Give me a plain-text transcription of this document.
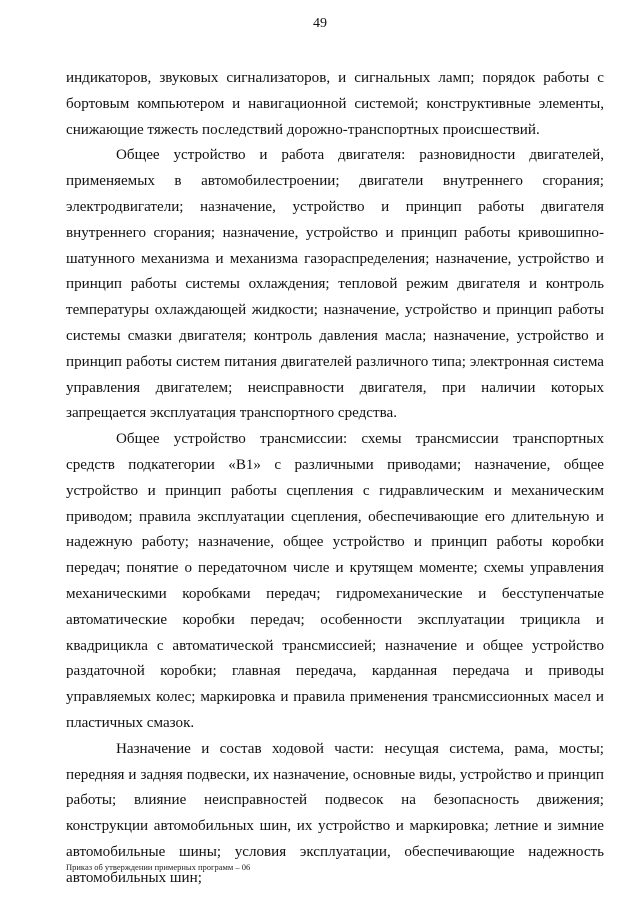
49

индикаторов, звуковых сигнализаторов, и сигнальных ламп; порядок работы с бортовым компьютером и навигационной системой; конструктивные элементы, снижающие тяжесть последствий дорожно-транспортных происшествий.

Общее устройство и работа двигателя: разновидности двигателей, применяемых в автомобилестроении; двигатели внутреннего сгорания; электродвигатели; назначение, устройство и принцип работы двигателя внутреннего сгорания; назначение, устройство и принцип работы кривошипно-шатунного механизма и механизма газораспределения; назначение, устройство и принцип работы системы охлаждения; тепловой режим двигателя и контроль температуры охлаждающей жидкости; назначение, устройство и принцип работы системы смазки двигателя; контроль давления масла; назначение, устройство и принцип работы систем питания двигателей различного типа; электронная система управления двигателем; неисправности двигателя, при наличии которых запрещается эксплуатация транспортного средства.

Общее устройство трансмиссии: схемы трансмиссии транспортных средств подкатегории «B1» с различными приводами; назначение, общее устройство и принцип работы сцепления с гидравлическим и механическим приводом; правила эксплуатации сцепления, обеспечивающие его длительную и надежную работу; назначение, общее устройство и принцип работы коробки передач; понятие о передаточном числе и крутящем моменте; схемы управления механическими коробками передач; гидромеханические и бесступенчатые автоматические коробки передач; особенности эксплуатации трицикла и квадрицикла с автоматической трансмиссией; назначение и общее устройство раздаточной коробки; главная передача, карданная передача и приводы управляемых колес; маркировка и правила применения трансмиссионных масел и пластичных смазок.

Назначение и состав ходовой части: несущая система, рама, мосты; передняя и задняя подвески, их назначение, основные виды, устройство и принцип работы; влияние неисправностей подвесок на безопасность движения; конструкции автомобильных шин, их устройство и маркировка; летние и зимние автомобильные шины; условия эксплуатации, обеспечивающие надежность автомобильных шин;

Приказ об утверждении примерных программ – 06
